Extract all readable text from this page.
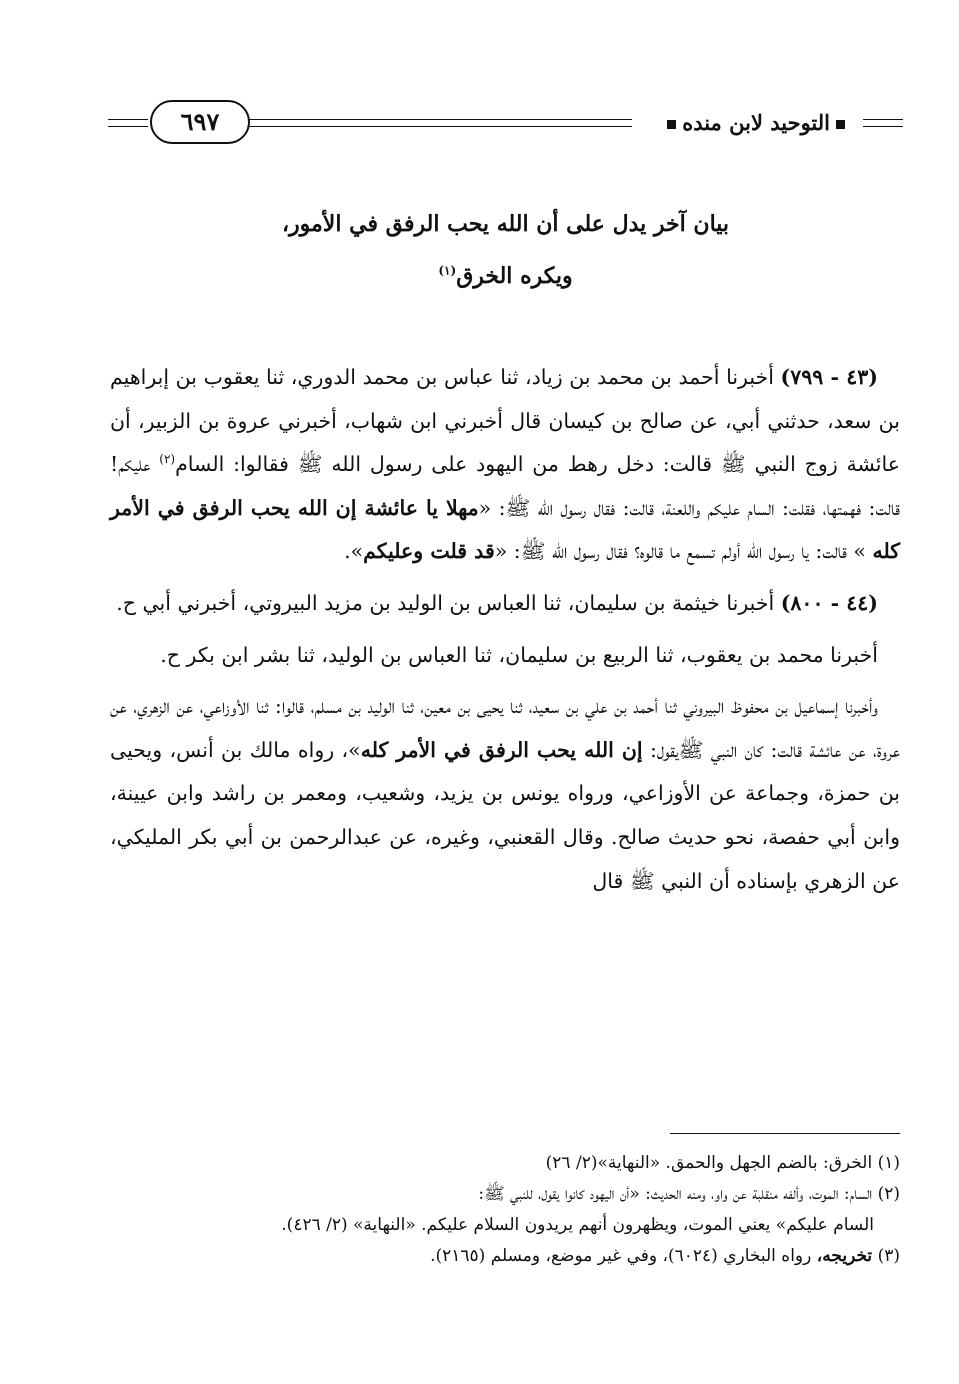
التوحيد لابن منده
٦٩٧
بيان آخر يدل على أن الله يحب الرفق في الأمور،
ويكره الخرق$^{(١)}$

(٤٣ - ٧٩٩) أخبرنا أحمد بن محمد بن زياد، ثنا عباس بن محمد الدوري، ثنا يعقوب بن إبراهيم بن سعد، حدثني أبي، عن صالح بن كيسان قال أخبرني ابن شهاب، أخبرني عروة بن الزبير، أن عائشة زوج النبي ﷺ قالت: دخل رهط من اليهود على رسول الله ﷺ فقالوا: السام$^{(٢)}$ عليكم! قالت: فهمتها، فقلت: السام عليكم واللعنة، قالت: فقال رسول الله ﷺ: «مهلا يا عائشة إن الله يحب الرفق في الأمر كله » قالت: يا رسول الله أولم تسمع ما قالوه؟ فقال رسول الله ﷺ: «قد قلت وعليكم».

(٤٤ - ٨٠٠) أخبرنا خيثمة بن سليمان، ثنا العباس بن الوليد بن مزيد البيروتي، أخبرني أبي ح.

أخبرنا محمد بن يعقوب، ثنا الربيع بن سليمان، ثنا العباس بن الوليد، ثنا بشر ابن بكر ح.

وأخبرنا إسماعيل بن محفوظ البيروني ثنا أحمد بن علي بن سعيد، ثنا يحيى بن معين، ثنا الوليد بن مسلم، قالوا: ثنا الأوزاعي، عن الزهري، عن عروة، عن عائشة قالت: كان النبي ﷺيقول: إن الله يحب الرفق في الأمر كله»، رواه مالك بن أنس، ويحيى بن حمزة، وجماعة عن الأوزاعي، ورواه يونس بن يزيد، وشعيب، ومعمر بن راشد وابن عيينة، وابن أبي حفصة، نحو حديث صالح. وقال القعنبي، وغيره، عن عبدالرحمن بن أبي بكر المليكي، عن الزهري بإسناده أن النبي ﷺ قال

(١) الخرق: بالضم الجهل والحمق. «النهاية»(٢/ ٢٦)

(٢) السام: الموت، وألفه منقلبة عن واو، ومنه الحديث: «أن اليهود كانوا يقول، للنبي ﷺ:

السام عليكم» يعني الموت، ويظهرون أنهم يريدون السلام عليكم. «النهاية» (٢/ ٤٢٦).

(٣) تخريجه، رواه البخاري (٦٠٢٤)، وفي غير موضع، ومسلم (٢١٦٥).
